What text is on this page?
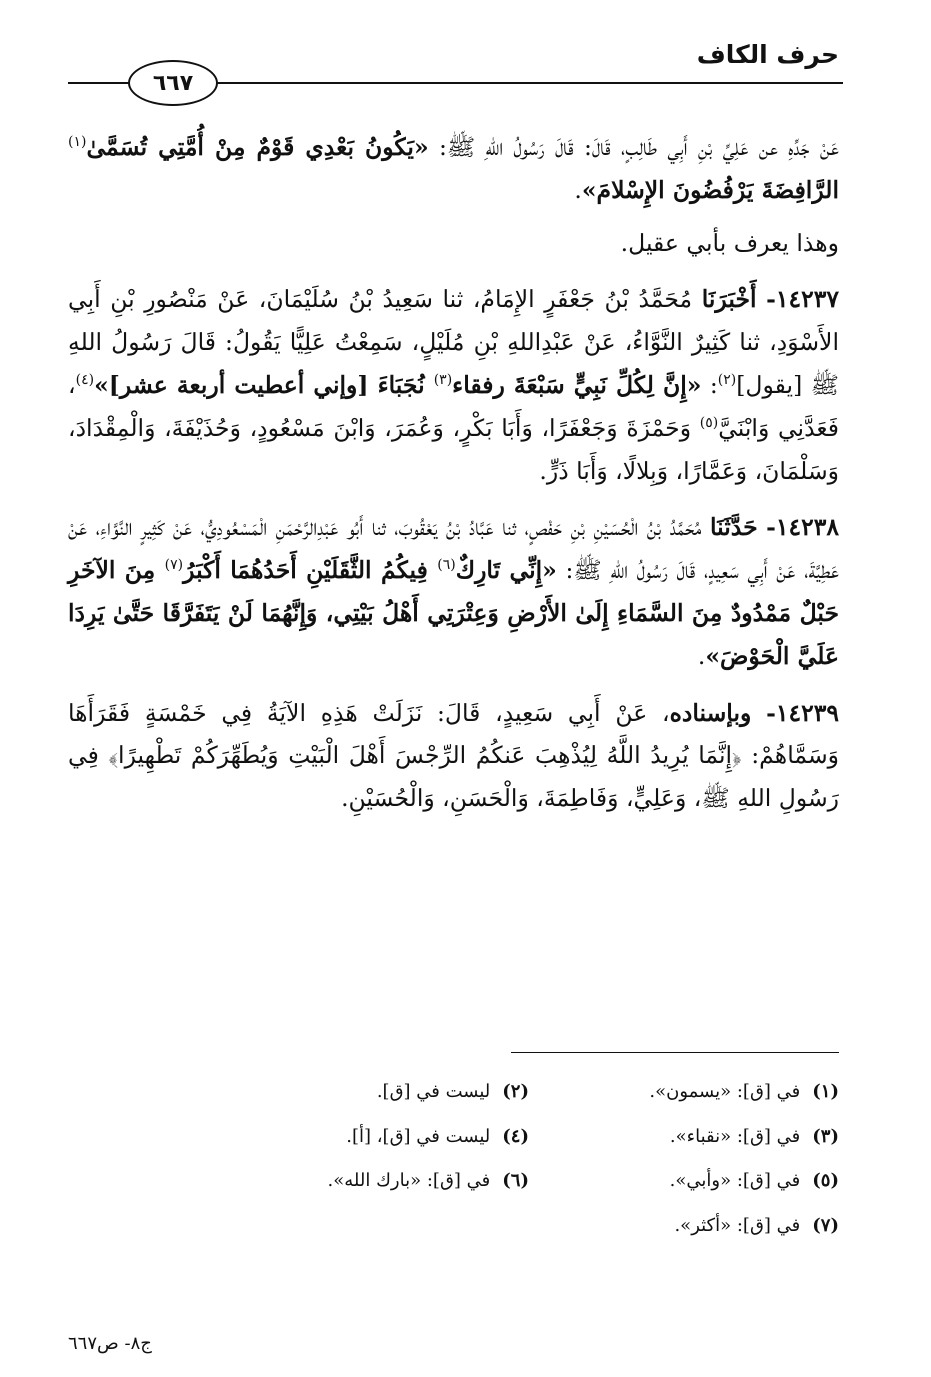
حرف الكاف
٦٦٧

عَنْ جَدِّهِ عن عَلِيِّ بْنِ أَبِي طَالِبٍ، قَالَ: قَالَ رَسُولُ اللهِ ﷺ: «يَكُونُ بَعْدِي قَوْمٌ مِنْ أُمَّتِي تُسَمَّىٰ$^{(١)}$ الرَّافِضَةَ يَرْفُضُونَ الإِسْلامَ».

وهذا يعرف بأبي عقيل.

١٤٢٣٧- أَخْبَرَنَا مُحَمَّدُ بْنُ جَعْفَرٍ الإِمَامُ، ثنا سَعِيدُ بْنُ سُلَيْمَانَ، عَنْ مَنْصُورِ بْنِ أَبِي الأَسْوَدِ، ثنا كَثِيرٌ النَّوَّاءُ، عَنْ عَبْدِاللهِ بْنِ مُلَيْلٍ، سَمِعْتُ عَلِيًّا يَقُولُ: قَالَ رَسُولُ اللهِ ﷺ [يقول]$^{(٢)}$: «إِنَّ لِكُلِّ نَبِيٍّ سَبْعَةَ رفقاء$^{(٣)}$ نُجَبَاءَ [وإني أعطيت أربعة عشر]»$^{(٤)}$، فَعَدَّنِي وَابْنَيَّ$^{(٥)}$ وَحَمْزَةَ وَجَعْفَرًا، وَأَبَا بَكْرٍ، وَعُمَرَ، وَابْنَ مَسْعُودٍ، وَحُذَيْفَةَ، وَالْمِقْدَادَ، وَسَلْمَانَ، وَعَمَّارًا، وَبِلالًا، وَأَبَا ذَرٍّ.

١٤٢٣٨- حَدَّثَنَا مُحَمَّدُ بْنُ الْحُسَيْنِ بْنِ حَفْصٍ، ثنا عَبَّادُ بْنُ يَعْقُوبَ، ثنا أَبُو عَبْدِالرَّحْمَنِ الْمَسْعُودِيُّ، عَنْ كَثِيرٍ النَّوَّاءِ، عَنْ عَطِيَّةَ، عَنْ أَبِي سَعِيدٍ، قَالَ رَسُولُ اللهِ ﷺ: «إِنِّي تَارِكٌ$^{(٦)}$ فِيكُمُ الثَّقَلَيْنِ أَحَدُهُمَا أَكْبَرُ$^{(٧)}$ مِنَ الآخَرِ حَبْلٌ مَمْدُودٌ مِنَ السَّمَاءِ إِلَىٰ الأَرْضِ وَعِتْرَتِي أَهْلُ بَيْتِي، وَإِنَّهُمَا لَنْ يَتَفَرَّقَا حَتَّىٰ يَرِدَا عَلَيَّ الْحَوْضَ».

١٤٢٣٩- وبإسناده، عَنْ أَبِي سَعِيدٍ، قَالَ: نَزَلَتْ هَذِهِ الآيَةُ فِي خَمْسَةٍ فَقَرَأَهَا وَسَمَّاهُمْ: ﴿إِنَّمَا يُرِيدُ اللَّهُ لِيُذْهِبَ عَنكُمُ الرِّجْسَ أَهْلَ الْبَيْتِ وَيُطَهِّرَكُمْ تَطْهِيرًا﴾ فِي رَسُولِ اللهِ ﷺ، وَعَلِيٍّ، وَفَاطِمَةَ، وَالْحَسَنِ، وَالْحُسَيْنِ.

(١)في [ق]: «يسمون».
(٢)ليست في [ق].
(٣)في [ق]: «نقباء».
(٤)ليست في [ق]، [أ].
(٥)في [ق]: «وأبي».
(٦)في [ق]: «بارك الله».
(٧)في [ق]: «أكثر».
ج٨- ص٦٦٧
